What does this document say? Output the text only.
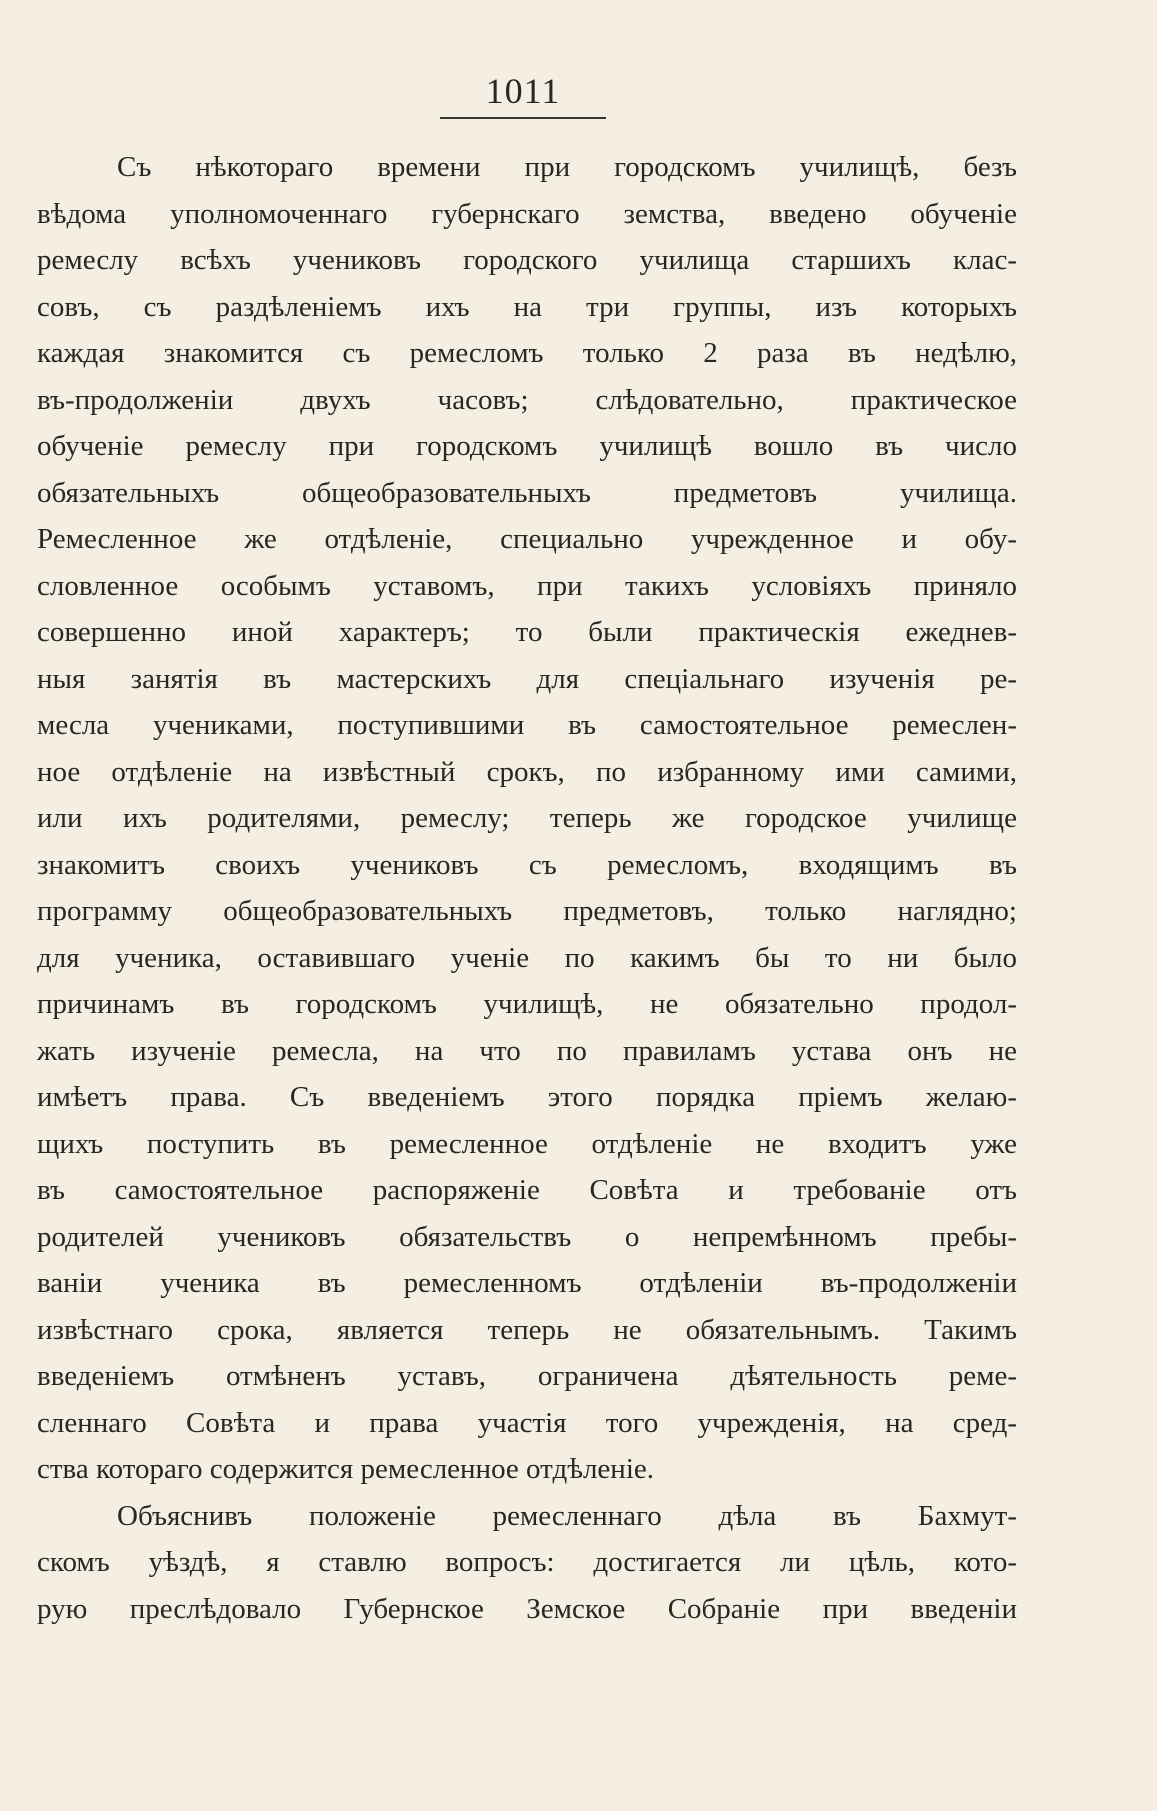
1011
Съ нѣкотораго времени при городскомъ училищѣ, безъ
вѣдома уполномоченнаго губернскаго земства, введено обученіе
ремеслу всѣхъ учениковъ городского училища старшихъ клас-
совъ, съ раздѣленіемъ ихъ на три группы, изъ которыхъ
каждая знакомится съ ремесломъ только 2 раза въ недѣлю,
въ-продолженіи двухъ часовъ; слѣдовательно, практическое
обученіе ремеслу при городскомъ училищѣ вошло въ число
обязательныхъ общеобразовательныхъ предметовъ училища.
Ремесленное же отдѣленіе, специально учрежденное и обу-
словленное особымъ уставомъ, при такихъ условіяхъ приняло
совершенно иной характеръ; то были практическія ежеднев-
ныя занятія въ мастерскихъ для спеціальнаго изученія ре-
месла учениками, поступившими въ самостоятельное ремеслен-
ное отдѣленіе на извѣстный срокъ, по избранному ими самими,
или ихъ родителями, ремеслу; теперь же городское училище
знакомитъ своихъ учениковъ съ ремесломъ, входящимъ въ
программу общеобразовательныхъ предметовъ, только наглядно;
для ученика, оставившаго ученіе по какимъ бы то ни было
причинамъ въ городскомъ училищѣ, не обязательно продол-
жать изученіе ремесла, на что по правиламъ устава онъ не
имѣетъ права. Съ введеніемъ этого порядка пріемъ желаю-
щихъ поступить въ ремесленное отдѣленіе не входитъ уже
въ самостоятельное распоряженіе Совѣта и требованіе отъ
родителей учениковъ обязательствъ о непремѣнномъ пребы-
ваніи ученика въ ремесленномъ отдѣленіи въ-продолженіи
извѣстнаго срока, является теперь не обязательнымъ. Такимъ
введеніемъ отмѣненъ уставъ, ограничена дѣятельность реме-
сленнаго Совѣта и права участія того учрежденія, на сред-
ства котораго содержится ремесленное отдѣленіе.
Объяснивъ положеніе ремесленнаго дѣла въ Бахмут-
скомъ уѣздѣ, я ставлю вопросъ: достигается ли цѣль, кото-
рую преслѣдовало Губернское Земское Собраніе при введеніи
